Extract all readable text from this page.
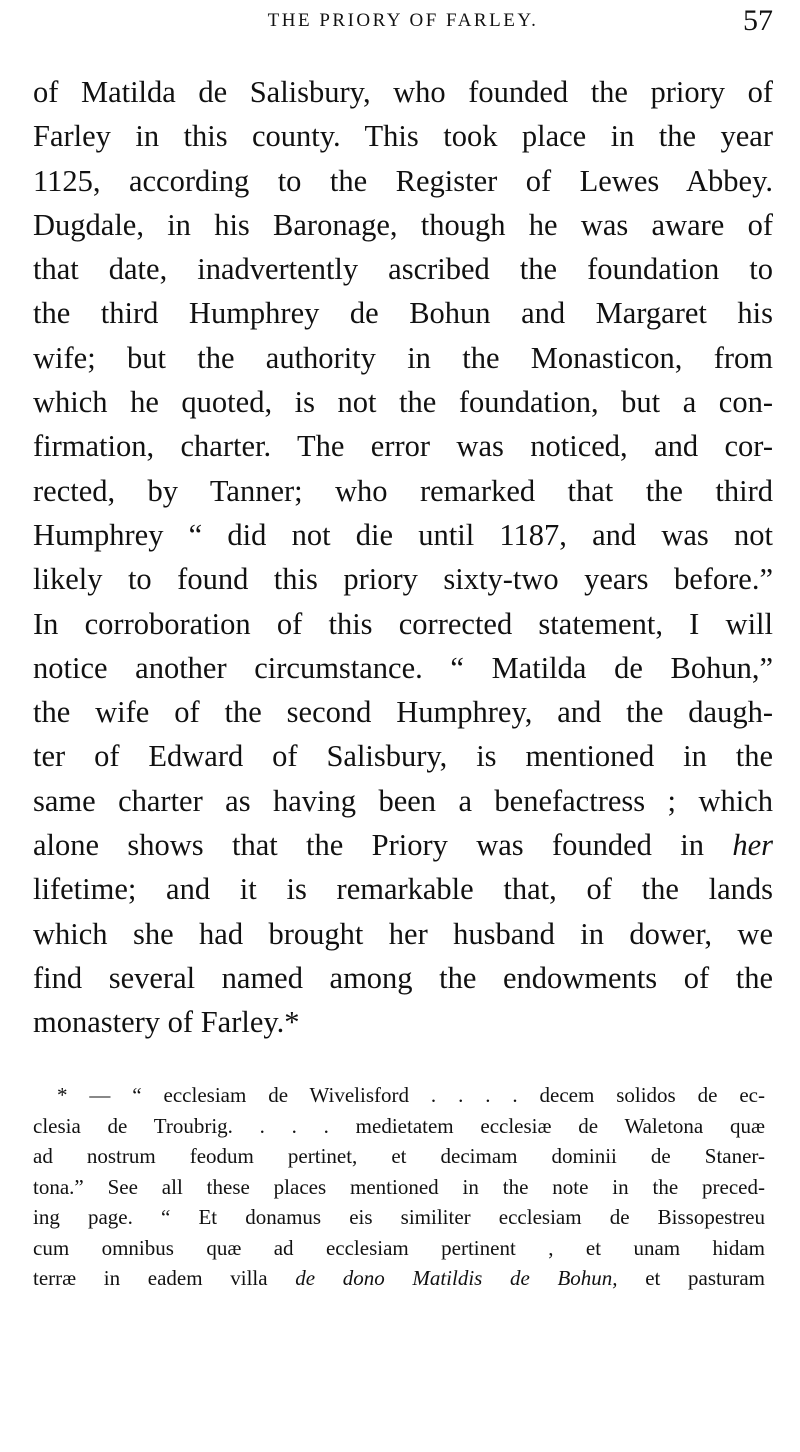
THE PRIORY OF FARLEY.	57
of Matilda de Salisbury, who founded the priory of
Farley in this county. This took place in the year
1125, according to the Register of Lewes Abbey.
Dugdale, in his Baronage, though he was aware of
that date, inadvertently ascribed the foundation to
the third Humphrey de Bohun and Margaret his
wife; but the authority in the Monasticon, from
which he quoted, is not the foundation, but a con-
firmation, charter. The error was noticed, and cor-
rected, by Tanner; who remarked that the third
Humphrey “ did not die until 1187, and was not
likely to found this priory sixty-two years before.”
In corroboration of this corrected statement, I will
notice another circumstance. “ Matilda de Bohun,”
the wife of the second Humphrey, and the daugh-
ter of Edward of Salisbury, is mentioned in the
same charter as having been a benefactress ; which
alone shows that the Priory was founded in her
lifetime; and it is remarkable that, of the lands
which she had brought her husband in dower, we
find several named among the endowments of the
monastery of Farley.*
* — “ ecclesiam de Wivelisford . . . . decem solidos de ec-
clesia de Troubrig. . . . medietatem ecclesiæ de Waletona quæ
ad nostrum feodum pertinet, et decimam dominii de Staner-
tona.” See all these places mentioned in the note in the preced-
ing page. “ Et donamus eis similiter ecclesiam de Bissopestreu
cum omnibus quæ ad ecclesiam pertinent , et unam hidam
terræ in eadem villa de dono Matildis de Bohun, et pasturam
